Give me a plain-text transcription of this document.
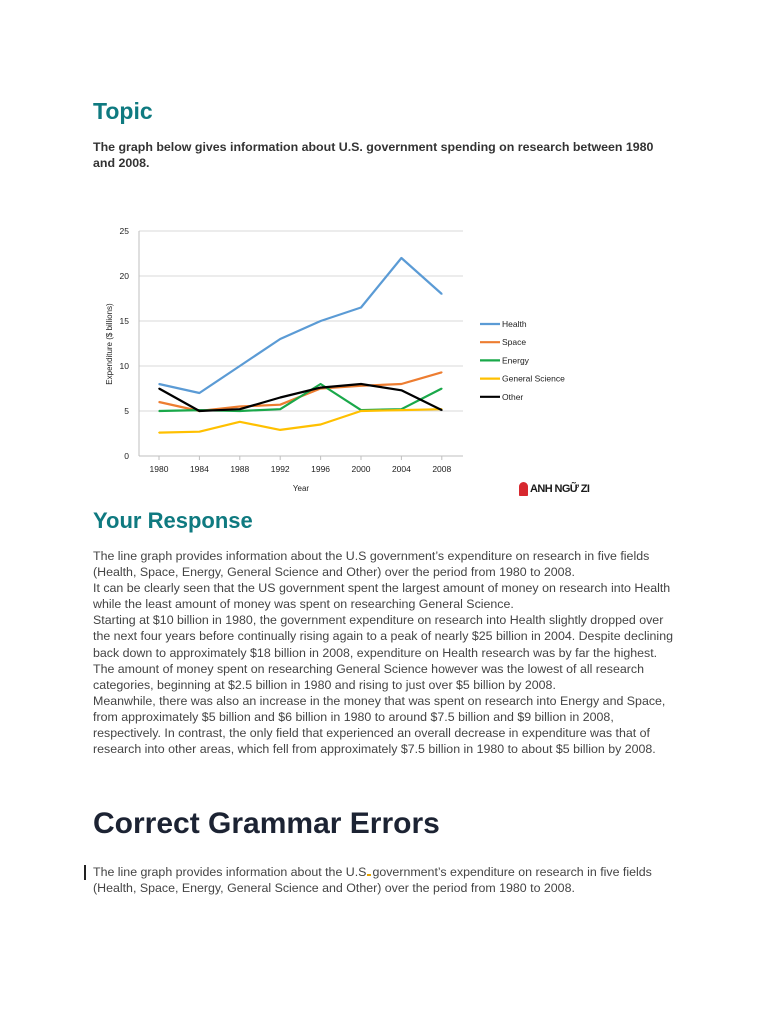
Topic

The graph below gives information about U.S. government spending on research between 1980 and 2008.

0
5
10
15
20
25
1980	1984	1988	1992	1996	2000	2004	2008
Health
Space
Energy
General Science
Other
Expenditure ($ billions)
Year	ANH NGỮ ZI
Your Response

The line graph provides information about the U.S government’s expenditure on research in five fields (Health, Space, Energy, General Science and Other) over the period from 1980 to 2008.

It can be clearly seen that the US government spent the largest amount of money on research into Health while the least amount of money was spent on researching General Science.

Starting at $10 billion in 1980, the government expenditure on research into Health slightly dropped over the next four years before continually rising again to a peak of nearly $25 billion in 2004. Despite declining back down to approximately $18 billion in 2008, expenditure on Health research was by far the highest. The amount of money spent on researching General Science however was the lowest of all research categories, beginning at $2.5 billion in 1980 and rising to just over $5 billion by 2008.

Meanwhile, there was also an increase in the money that was spent on research into Energy and Space, from approximately $5 billion and $6 billion in 1980 to around $7.5 billion and $9 billion in 2008, respectively. In contrast, the only field that experienced an overall decrease in expenditure was that of research into other areas, which fell from approximately $7.5 billion in 1980 to about $5 billion by 2008.

Correct Grammar Errors

The line graph provides information about the U.S government’s expenditure on research in five fields (Health, Space, Energy, General Science and Other) over the period from 1980 to 2008.
